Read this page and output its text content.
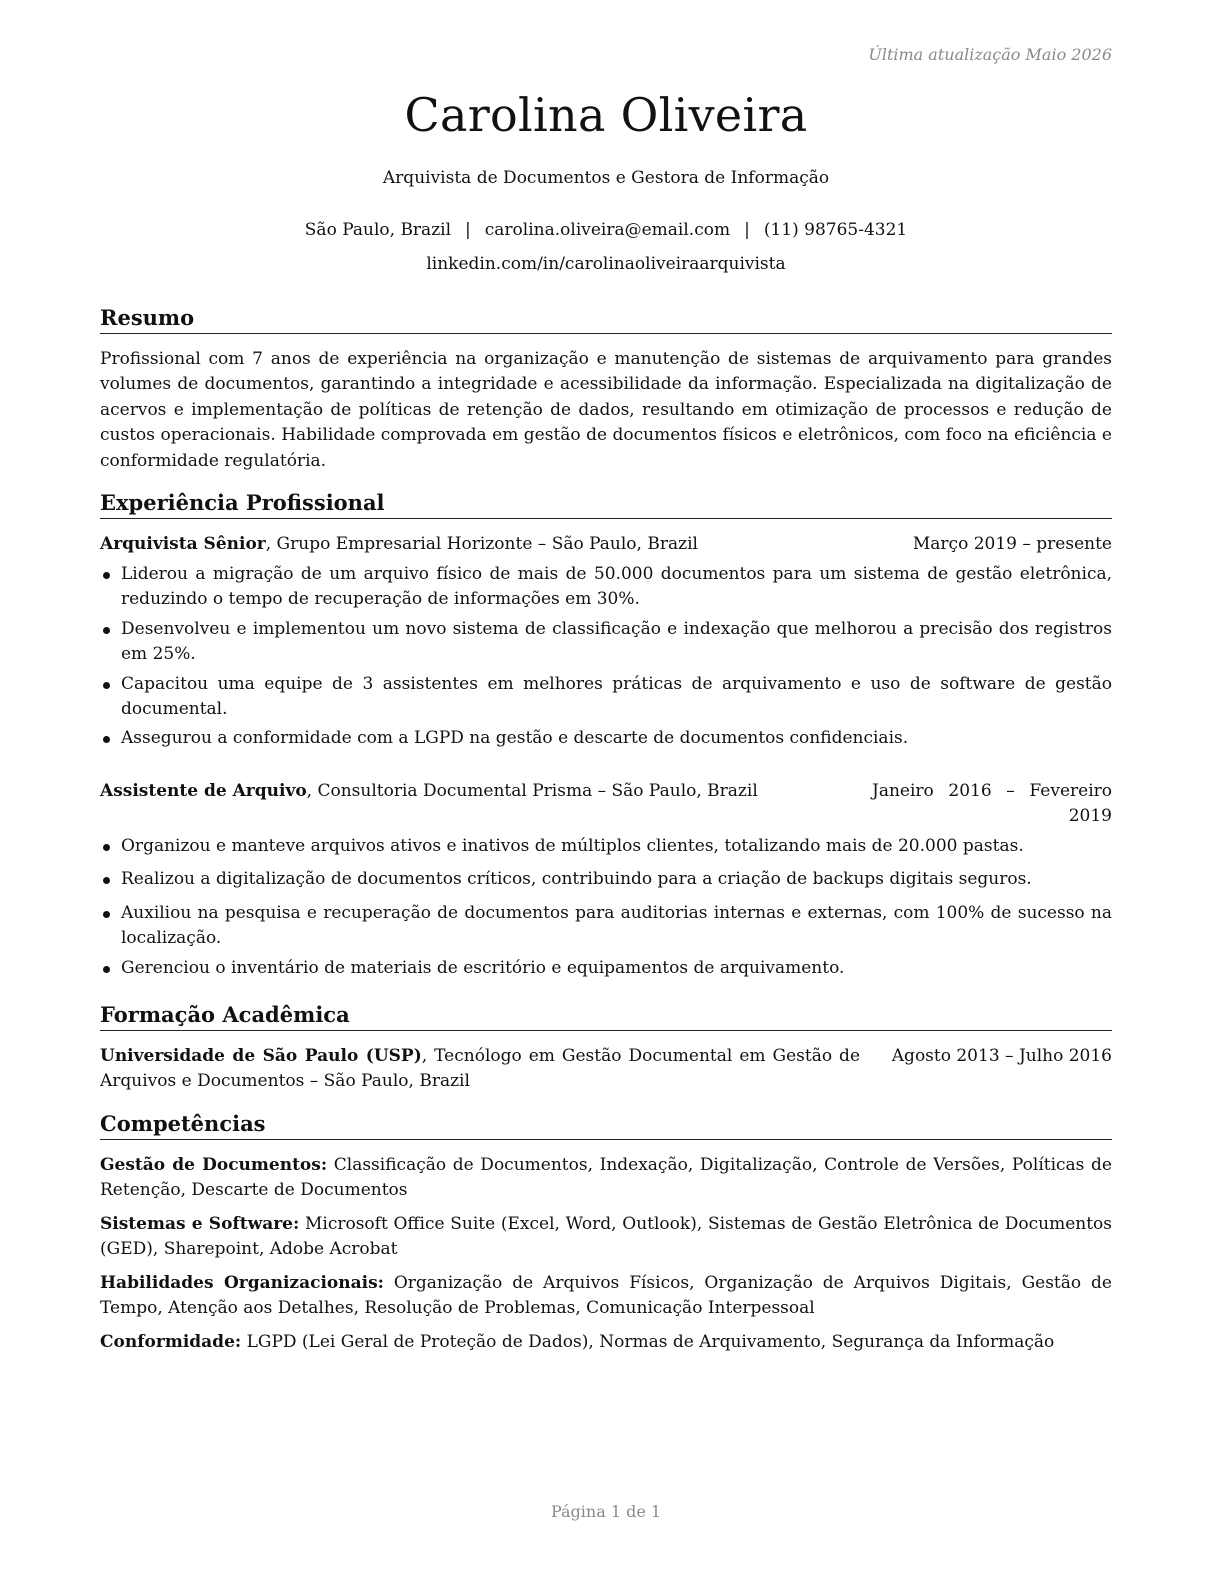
Última atualização Maio 2026
Carolina Oliveira
Arquivista de Documentos e Gestora de Informação
São Paulo, Brazil | carolina.oliveira@email.com | (11) 98765-4321
linkedin.com/in/carolinaoliveiraarquivista
Resumo
Profissional com 7 anos de experiência na organização e manutenção de sistemas de arquivamento para grandes volumes de documentos, garantindo a integridade e acessibilidade da informação. Especializada na digitalização de acervos e implementação de políticas de retenção de dados, resultando em otimização de processos e redução de custos operacionais. Habilidade comprovada em gestão de documentos físicos e eletrônicos, com foco na eficiência e conformidade regulatória.
Experiência Profissional
Arquivista Sênior, Grupo Empresarial Horizonte – São Paulo, Brazil	Março 2019 – presente
Liderou a migração de um arquivo físico de mais de 50.000 documentos para um sistema de gestão eletrônica, reduzindo o tempo de recuperação de informações em 30%.
Desenvolveu e implementou um novo sistema de classificação e indexação que melhorou a precisão dos registros em 25%.
Capacitou uma equipe de 3 assistentes em melhores práticas de arquivamento e uso de software de gestão documental.
Assegurou a conformidade com a LGPD na gestão e descarte de documentos confidenciais.
Assistente de Arquivo, Consultoria Documental Prisma – São Paulo, Brazil	Janeiro 2016 – Fevereiro 2019
Organizou e manteve arquivos ativos e inativos de múltiplos clientes, totalizando mais de 20.000 pastas.
Realizou a digitalização de documentos críticos, contribuindo para a criação de backups digitais seguros.
Auxiliou na pesquisa e recuperação de documentos para auditorias internas e externas, com 100% de sucesso na localização.
Gerenciou o inventário de materiais de escritório e equipamentos de arquivamento.
Formação Acadêmica
Universidade de São Paulo (USP), Tecnólogo em Gestão Documental em Gestão de Arquivos e Documentos – São Paulo, Brazil
Agosto 2013 – Julho 2016
Competências
Gestão de Documentos: Classificação de Documentos, Indexação, Digitalização, Controle de Versões, Políticas de Retenção, Descarte de Documentos
Sistemas e Software: Microsoft Office Suite (Excel, Word, Outlook), Sistemas de Gestão Eletrônica de Documentos (GED), Sharepoint, Adobe Acrobat
Habilidades Organizacionais: Organização de Arquivos Físicos, Organização de Arquivos Digitais, Gestão de Tempo, Atenção aos Detalhes, Resolução de Problemas, Comunicação Interpessoal
Conformidade: LGPD (Lei Geral de Proteção de Dados), Normas de Arquivamento, Segurança da Informação
Página 1 de 1
